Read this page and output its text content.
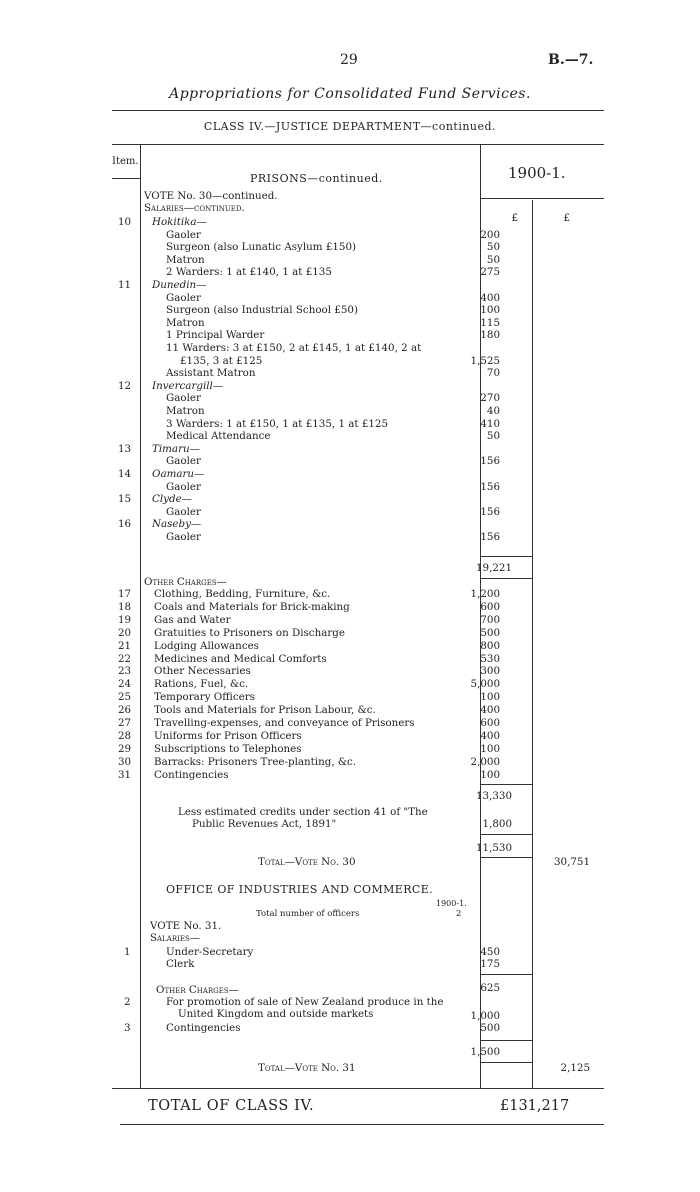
29	B.—7.
Appropriations for Consolidated Fund Services.
CLASS IV.—JUSTICE DEPARTMENT—continued.
Item.
PRISONS—continued.	1900-1.
VOTE No. 30—continued.
Salaries—continued.
£	£
10 Hokitika—
Gaoler	200
Surgeon (also Lunatic Asylum £150)	50
Matron	50
2 Warders: 1 at £140, 1 at £135	275
11 Dunedin—
Gaoler	400
Surgeon (also Industrial School £50)	100
Matron	115
1 Principal Warder	180
11 Warders: 3 at £150, 2 at £145, 1 at £140, 2 at
£135, 3 at £125	1,525
Assistant Matron	70
12 Invercargill—
Gaoler	270
Matron	40
3 Warders: 1 at £150, 1 at £135, 1 at £125	410
Medical Attendance	50
13 Timaru—
Gaoler	156
14 Oamaru—
Gaoler	156
15 Clyde—
Gaoler	156
16 Naseby—
Gaoler	156
19,221
Other Charges—
17 Clothing, Bedding, Furniture, &c.	1,200
18 Coals and Materials for Brick-making	600
19 Gas and Water	700
20 Gratuities to Prisoners on Discharge	500
21 Lodging Allowances	800
22 Medicines and Medical Comforts	530
23 Other Necessaries	300
24 Rations, Fuel, &c.	5,000
25 Temporary Officers	100
26 Tools and Materials for Prison Labour, &c.	400
27 Travelling-expenses, and conveyance of Prisoners	600
28 Uniforms for Prison Officers	400
29 Subscriptions to Telephones	100
30 Barracks: Prisoners Tree-planting, &c.	2,000
31 Contingencies	100
13,330
Less estimated credits under section 41 of "The
Public Revenues Act, 1891"	1,800
11,530
Total—Vote No. 30	30,751
OFFICE OF INDUSTRIES AND COMMERCE.
1900-1.
Total number of officers	2
VOTE No. 31.
Salaries—
1	Under-Secretary	450
Clerk	175
625
Other Charges—
2	For promotion of sale of New Zealand produce in the
United Kingdom and outside markets	1,000
3	Contingencies	500
1,500
Total—Vote No. 31	2,125
TOTAL OF CLASS IV.	£131,217
